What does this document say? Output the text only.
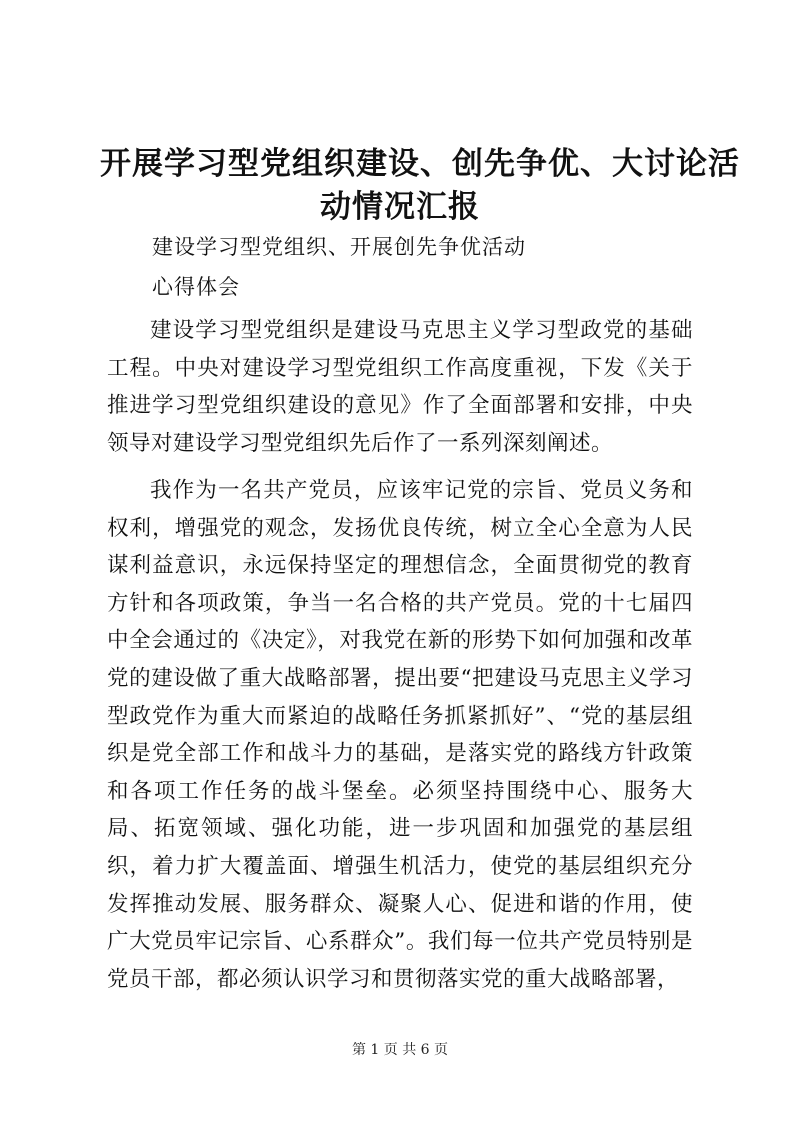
开展学习型党组织建设、创先争优、大讨论活
动情况汇报
建设学习型党组织、开展创先争优活动
心得体会

建设学习型党组织是建设马克思主义学习型政党的基础工程。中央对建设学习型党组织工作高度重视，下发《关于推进学习型党组织建设的意见》作了全面部署和安排，中央领导对建设学习型党组织先后作了一系列深刻阐述。

我作为一名共产党员，应该牢记党的宗旨、党员义务和权利，增强党的观念，发扬优良传统，树立全心全意为人民谋利益意识，永远保持坚定的理想信念，全面贯彻党的教育方针和各项政策，争当一名合格的共产党员。党的十七届四中全会通过的《决定》，对我党在新的形势下如何加强和改革党的建设做了重大战略部署，提出要“把建设马克思主义学习型政党作为重大而紧迫的战略任务抓紧抓好”、“党的基层组织是党全部工作和战斗力的基础，是落实党的路线方针政策和各项工作任务的战斗堡垒。必须坚持围绕中心、服务大局、拓宽领域、强化功能，进一步巩固和加强党的基层组织，着力扩大覆盖面、增强生机活力，使党的基层组织充分发挥推动发展、服务群众、凝聚人心、促进和谐的作用，使广大党员牢记宗旨、心系群众”。我们每一位共产党员特别是党员干部，都必须认识学习和贯彻落实党的重大战略部署，

第 1 页 共 6 页
